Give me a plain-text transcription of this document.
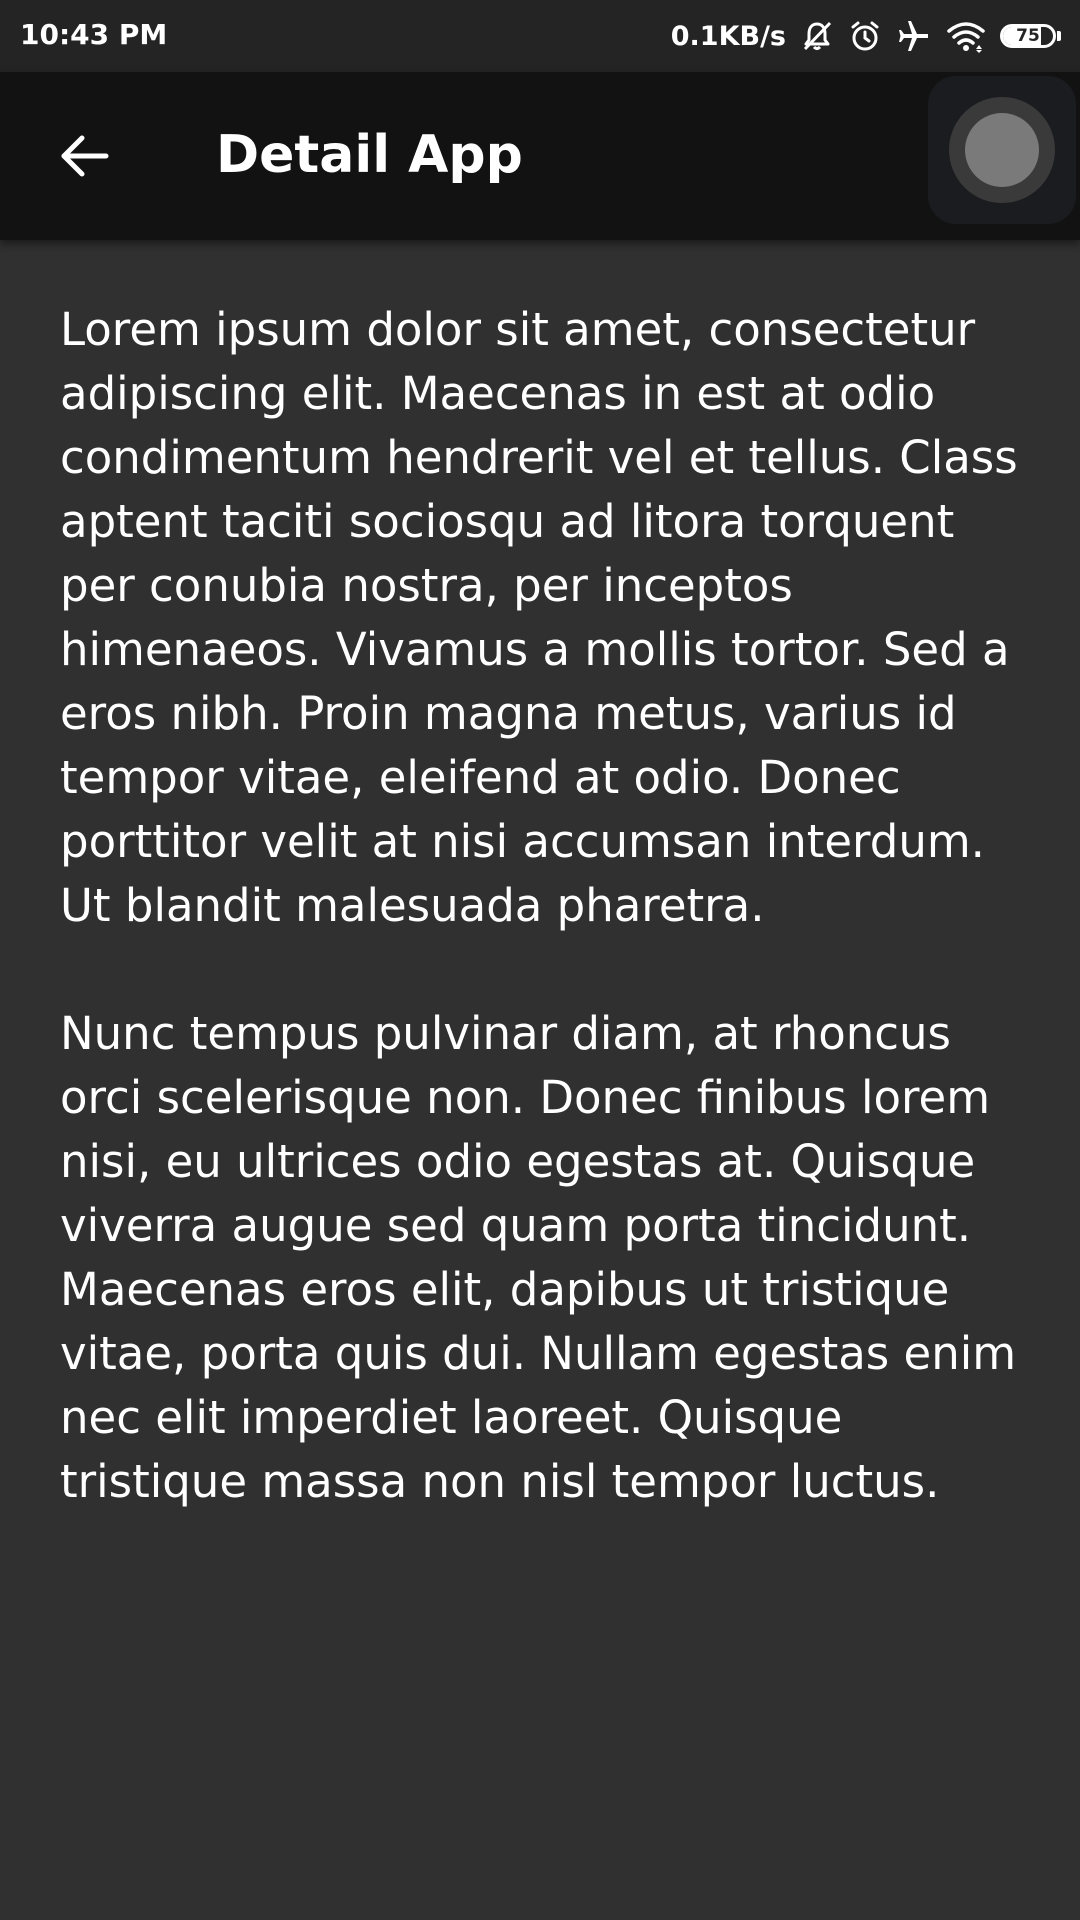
10:43 PM	0.1KB/s	75
Detail App

Lorem ipsum dolor sit amet, consectetur adipiscing elit. Maecenas in est at odio condimentum hendrerit vel et tellus. Class aptent taciti sociosqu ad litora torquent per conubia nostra, per inceptos himenaeos. Vivamus a mollis tortor. Sed a eros nibh. Proin magna metus, varius id tempor vitae, eleifend at odio. Donec porttitor velit at nisi accumsan interdum. Ut blandit malesuada pharetra.

Nunc tempus pulvinar diam, at rhoncus orci scelerisque non. Donec finibus lorem nisi, eu ultrices odio egestas at. Quisque viverra augue sed quam porta tincidunt. Maecenas eros elit, dapibus ut tristique vitae, porta quis dui. Nullam egestas enim nec elit imperdiet laoreet. Quisque tristique massa non nisl tempor luctus.
